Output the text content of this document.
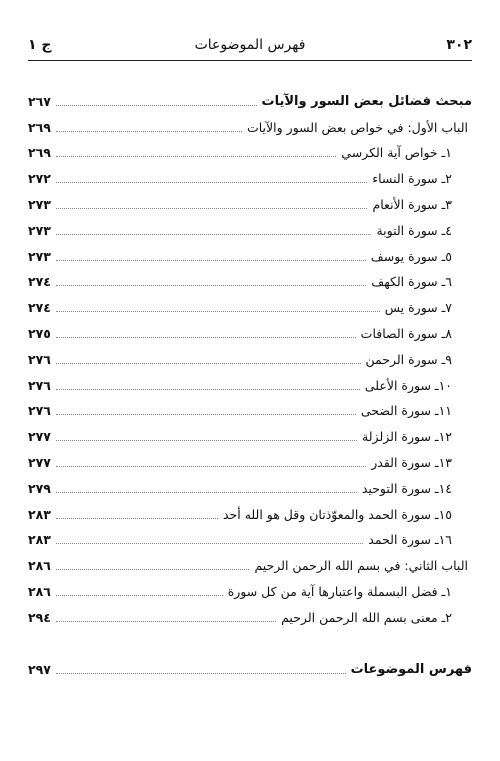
٣٠٢
فهرس الموضوعات
ج ١
مبحث فضائل بعض السور والآيات
٢٦٧
الباب الأول: في خواص بعض السور والآيات
٢٦٩
١ـ خواص آية الكرسي
٢٦٩
٢ـ سورة النساء
٢٧٢
٣ـ سورة الأنعام
٢٧٣
٤ـ سورة التوبة
٢٧٣
٥ـ سورة يوسف
٢٧٣
٦ـ سورة الكهف
٢٧٤
٧ـ سورة يس
٢٧٤
٨ـ سورة الصافات
٢٧٥
٩ـ سورة الرحمن
٢٧٦
١٠ـ سورة الأعلى
٢٧٦
١١ـ سورة الضحى
٢٧٦
١٢ـ سورة الزلزلة
٢٧٧
١٣ـ سورة القدر
٢٧٧
١٤ـ سورة التوحيد
٢٧٩
١٥ـ سورة الحمد والمعوّذتان وقل هو الله أحد
٢٨٣
١٦ـ سورة الحمد
٢٨٣
الباب الثاني: في بسم الله الرحمن الرحيم
٢٨٦
١ـ فضل البسملة واعتبارها آية من كل سورة
٢٨٦
٢ـ معنى بسم الله الرحمن الرحيم
٢٩٤
فهرس الموضوعات
٢٩٧
